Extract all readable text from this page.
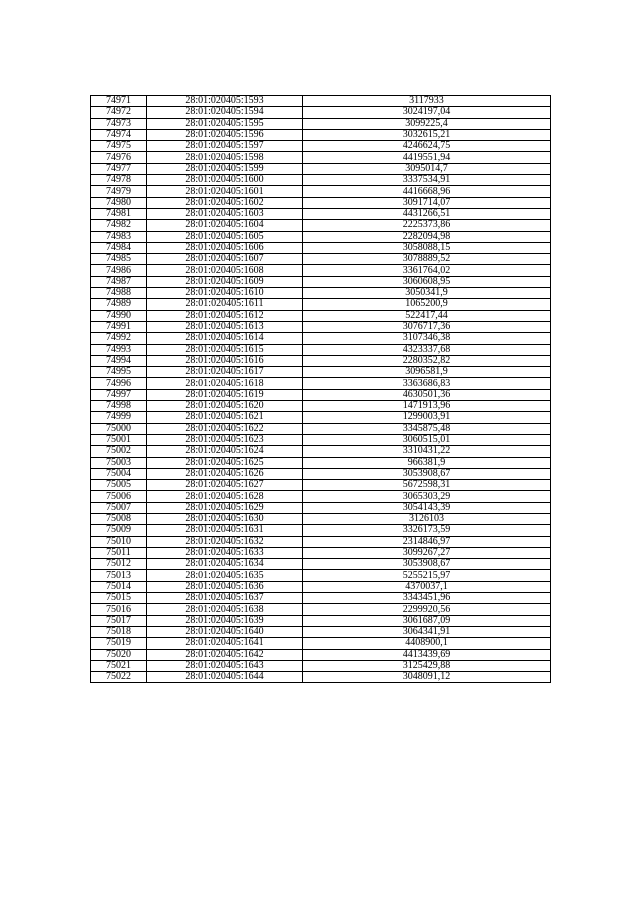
74971	28:01:020405:1593	3117933
74972	28:01:020405:1594	3024197,04
74973	28:01:020405:1595	3099225,4
74974	28:01:020405:1596	3032615,21
74975	28:01:020405:1597	4246624,75
74976	28:01:020405:1598	4419551,94
74977	28:01:020405:1599	3095014,7
74978	28:01:020405:1600	3337534,91
74979	28:01:020405:1601	4416668,96
74980	28:01:020405:1602	3091714,07
74981	28:01:020405:1603	4431266,51
74982	28:01:020405:1604	2225373,86
74983	28:01:020405:1605	2282094,98
74984	28:01:020405:1606	3058088,15
74985	28:01:020405:1607	3078889,52
74986	28:01:020405:1608	3361764,02
74987	28:01:020405:1609	3060608,95
74988	28:01:020405:1610	3050341,9
74989	28:01:020405:1611	1065200,9
74990	28:01:020405:1612	522417,44
74991	28:01:020405:1613	3076717,36
74992	28:01:020405:1614	3107346,38
74993	28:01:020405:1615	4323337,68
74994	28:01:020405:1616	2280352,82
74995	28:01:020405:1617	3096581,9
74996	28:01:020405:1618	3363686,83
74997	28:01:020405:1619	4630501,36
74998	28:01:020405:1620	1471913,96
74999	28:01:020405:1621	1299003,91
75000	28:01:020405:1622	3345875,48
75001	28:01:020405:1623	3060515,01
75002	28:01:020405:1624	3310431,22
75003	28:01:020405:1625	966381,9
75004	28:01:020405:1626	3053908,67
75005	28:01:020405:1627	5672598,31
75006	28:01:020405:1628	3065303,29
75007	28:01:020405:1629	3054143,39
75008	28:01:020405:1630	3126103
75009	28:01:020405:1631	3326173,59
75010	28:01:020405:1632	2314846,97
75011	28:01:020405:1633	3099267,27
75012	28:01:020405:1634	3053908,67
75013	28:01:020405:1635	5255215,97
75014	28:01:020405:1636	4370037,1
75015	28:01:020405:1637	3343451,96
75016	28:01:020405:1638	2299920,56
75017	28:01:020405:1639	3061687,09
75018	28:01:020405:1640	3064341,91
75019	28:01:020405:1641	4408900,1
75020	28:01:020405:1642	4413439,69
75021	28:01:020405:1643	3125429,88
75022	28:01:020405:1644	3048091,12
